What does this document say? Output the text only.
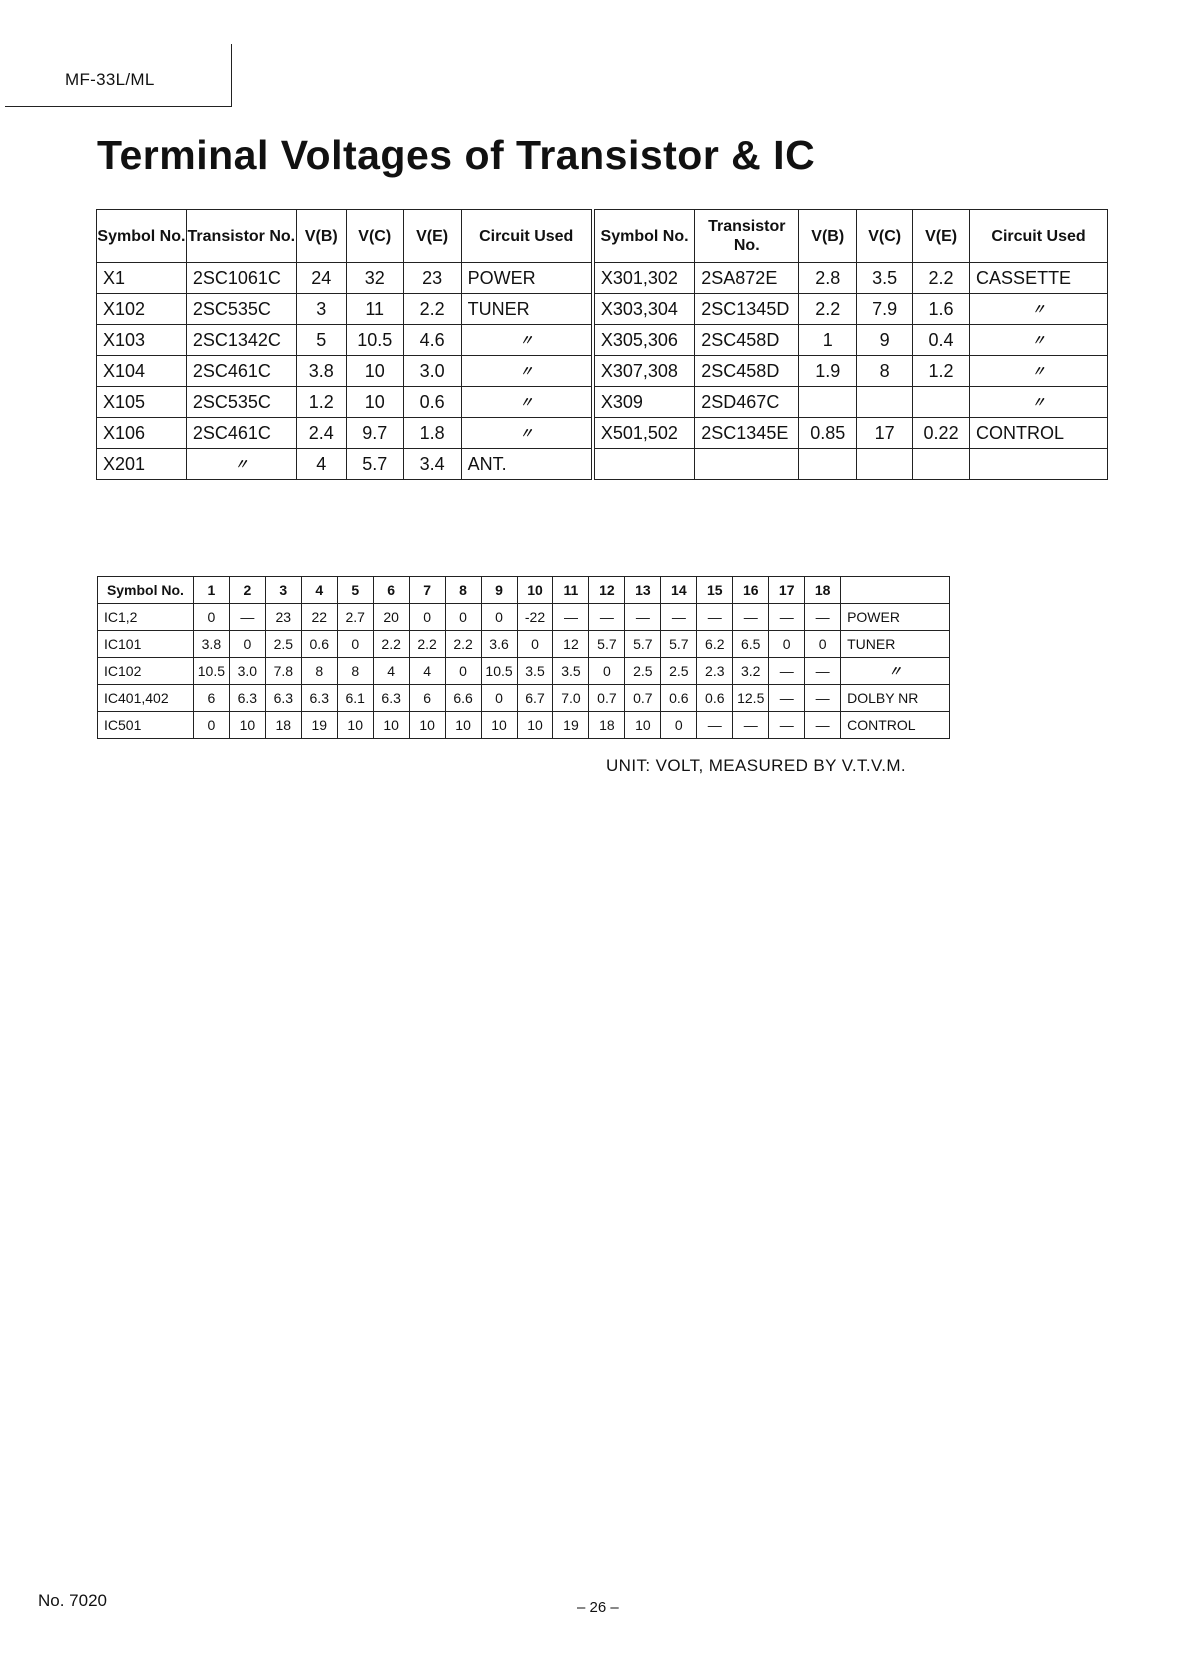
MF-33L/ML
Terminal Voltages of Transistor & IC
Symbol No.	Transistor No.	V(B)	V(C)	V(E)	Circuit Used	Symbol No.	Transistor No.	V(B)	V(C)	V(E)	Circuit Used
X1	2SC1061C	24	32	23	POWER	X301,302	2SA872E	2.8	3.5	2.2	CASSETTE
X102	2SC535C	3	11	2.2	TUNER	X303,304	2SC1345D	2.2	7.9	1.6	〃
X103	2SC1342C	5	10.5	4.6	〃	X305,306	2SC458D	1	9	0.4	〃
X104	2SC461C	3.8	10	3.0	〃	X307,308	2SC458D	1.9	8	1.2	〃
X105	2SC535C	1.2	10	0.6	〃	X309	2SD467C				〃
X106	2SC461C	2.4	9.7	1.8	〃	X501,502	2SC1345E	0.85	17	0.22	CONTROL
X201	〃	4	5.7	3.4	ANT.						
Symbol No.	1	2	3	4	5	6	7	8	9	10	11	12	13	14	15	16	17	18	
IC1,2	0	—	23	22	2.7	20	0	0	0	-22	—	—	—	—	—	—	—	—	POWER
IC101	3.8	0	2.5	0.6	0	2.2	2.2	2.2	3.6	0	12	5.7	5.7	5.7	6.2	6.5	0	0	TUNER
IC102	10.5	3.0	7.8	8	8	4	4	0	10.5	3.5	3.5	0	2.5	2.5	2.3	3.2	—	—	〃
IC401,402	6	6.3	6.3	6.3	6.1	6.3	6	6.6	0	6.7	7.0	0.7	0.7	0.6	0.6	12.5	—	—	DOLBY NR
IC501	0	10	18	19	10	10	10	10	10	10	19	18	10	0	—	—	—	—	CONTROL
UNIT: VOLT, MEASURED BY V.T.V.M.
No. 7020	– 26 –
